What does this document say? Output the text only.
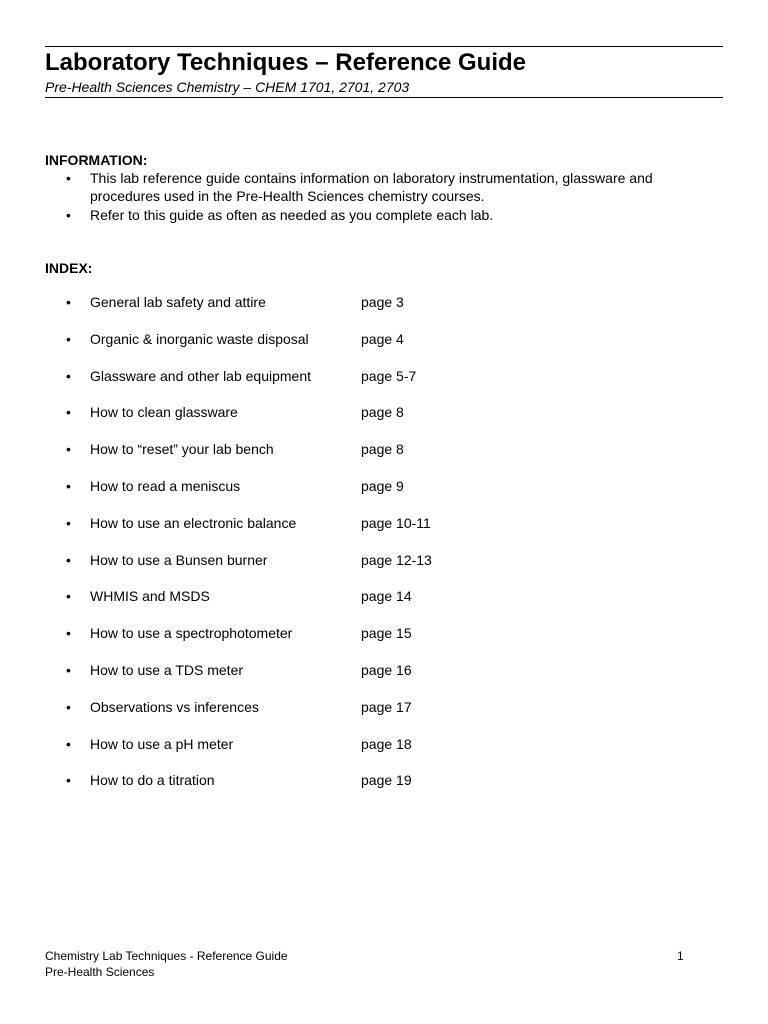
Laboratory Techniques – Reference Guide
Pre-Health Sciences Chemistry – CHEM 1701, 2701, 2703
INFORMATION:
• This lab reference guide contains information on laboratory instrumentation, glassware and procedures used in the Pre-Health Sciences chemistry courses.
• Refer to this guide as often as needed as you complete each lab.
INDEX:
• General lab safety and attire	page 3
• Organic & inorganic waste disposal	page 4
• Glassware and other lab equipment	page 5-7
• How to clean glassware	page 8
• How to “reset” your lab bench	page 8
• How to read a meniscus	page 9
• How to use an electronic balance	page 10-11
• How to use a Bunsen burner	page 12-13
• WHMIS and MSDS	page 14
• How to use a spectrophotometer	page 15
• How to use a TDS meter	page 16
• Observations vs inferences	page 17
• How to use a pH meter	page 18
• How to do a titration	page 19
Chemistry Lab Techniques - Reference Guide
Pre-Health Sciences
1
